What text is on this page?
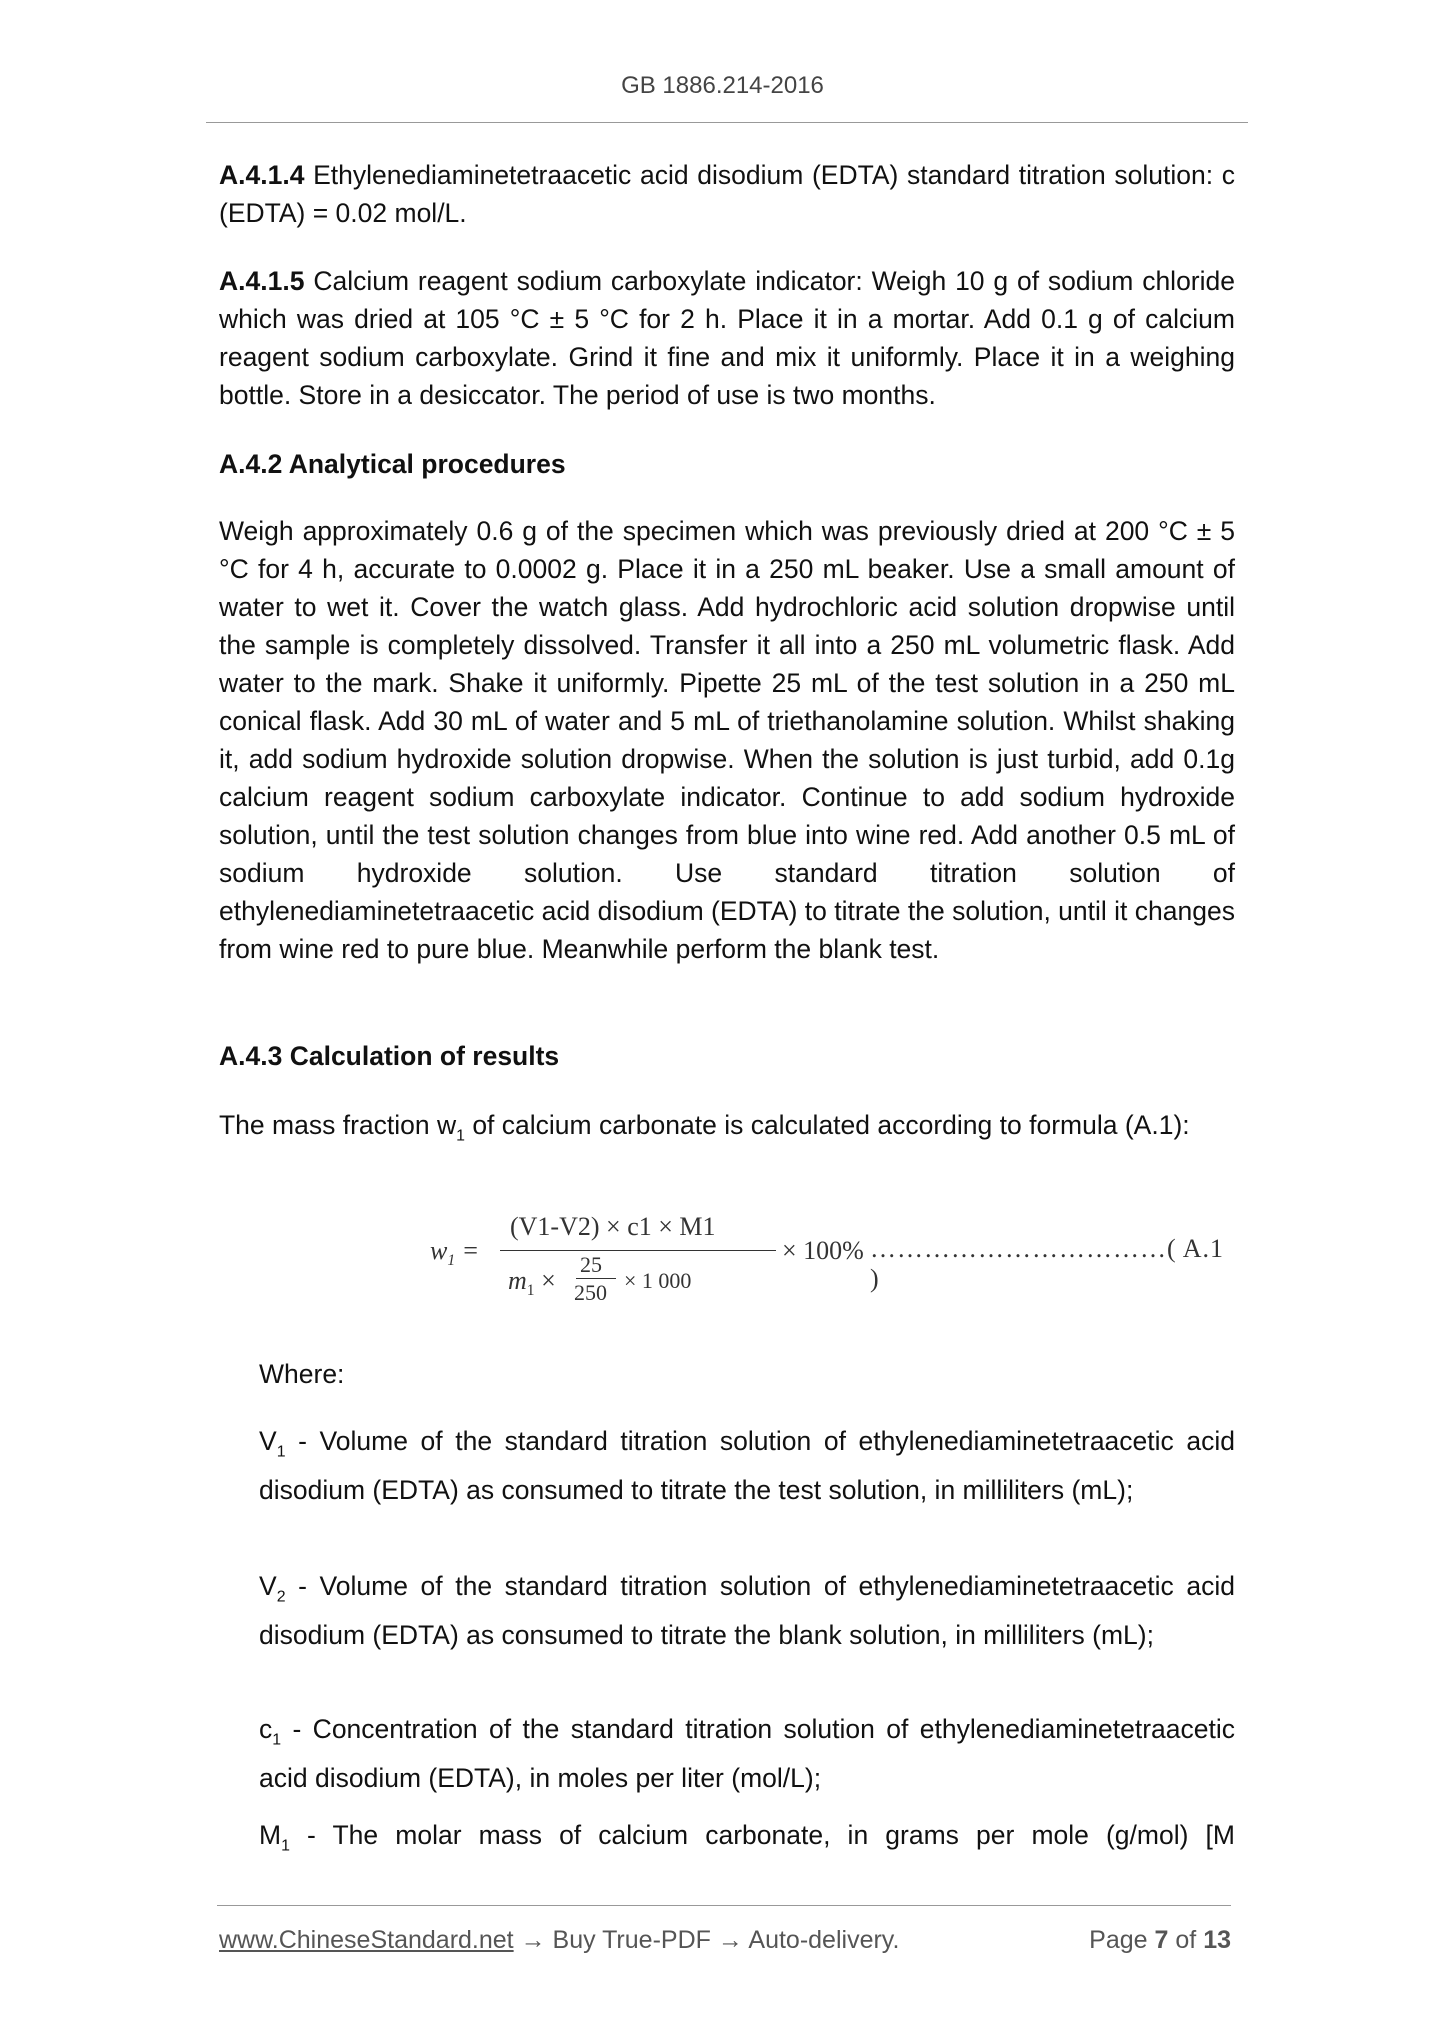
GB 1886.214-2016
A.4.1.4 Ethylenediaminetetraacetic acid disodium (EDTA) standard titration solution: c (EDTA) = 0.02 mol/L.
A.4.1.5 Calcium reagent sodium carboxylate indicator: Weigh 10 g of sodium chloride which was dried at 105 °C ± 5 °C for 2 h. Place it in a mortar. Add 0.1 g of calcium reagent sodium carboxylate. Grind it fine and mix it uniformly. Place it in a weighing bottle. Store in a desiccator. The period of use is two months.
A.4.2 Analytical procedures
Weigh approximately 0.6 g of the specimen which was previously dried at 200 °C ± 5 °C for 4 h, accurate to 0.0002 g. Place it in a 250 mL beaker. Use a small amount of water to wet it. Cover the watch glass. Add hydrochloric acid solution dropwise until the sample is completely dissolved. Transfer it all into a 250 mL volumetric flask. Add water to the mark. Shake it uniformly. Pipette 25 mL of the test solution in a 250 mL conical flask. Add 30 mL of water and 5 mL of triethanolamine solution. Whilst shaking it, add sodium hydroxide solution dropwise. When the solution is just turbid, add 0.1g calcium reagent sodium carboxylate indicator. Continue to add sodium hydroxide solution, until the test solution changes from blue into wine red. Add another 0.5 mL of sodium hydroxide solution. Use standard titration solution of ethylenediaminetetraacetic acid disodium (EDTA) to titrate the solution, until it changes from wine red to pure blue. Meanwhile perform the blank test.
A.4.3 Calculation of results
The mass fraction $w_1$ of calcium carbonate is calculated according to formula (A.1):
$w_1$ =
(V1-V2) × c1 × M1
$m_1$ ×
25
250 × 1 000
× 100% ……………………………( A.1 )
Where:
$V_1$ - Volume of the standard titration solution of ethylenediaminetetraacetic acid disodium (EDTA) as consumed to titrate the test solution, in milliliters (mL);
$V_2$ - Volume of the standard titration solution of ethylenediaminetetraacetic acid disodium (EDTA) as consumed to titrate the blank solution, in milliliters (mL);
$c_1$ - Concentration of the standard titration solution of ethylenediaminetetraacetic acid disodium (EDTA), in moles per liter (mol/L);
$M_1$ - The molar mass of calcium carbonate, in grams per mole (g/mol) [M
www.ChineseStandard.net → Buy True-PDF → Auto-delivery.	Page 7 of 13
